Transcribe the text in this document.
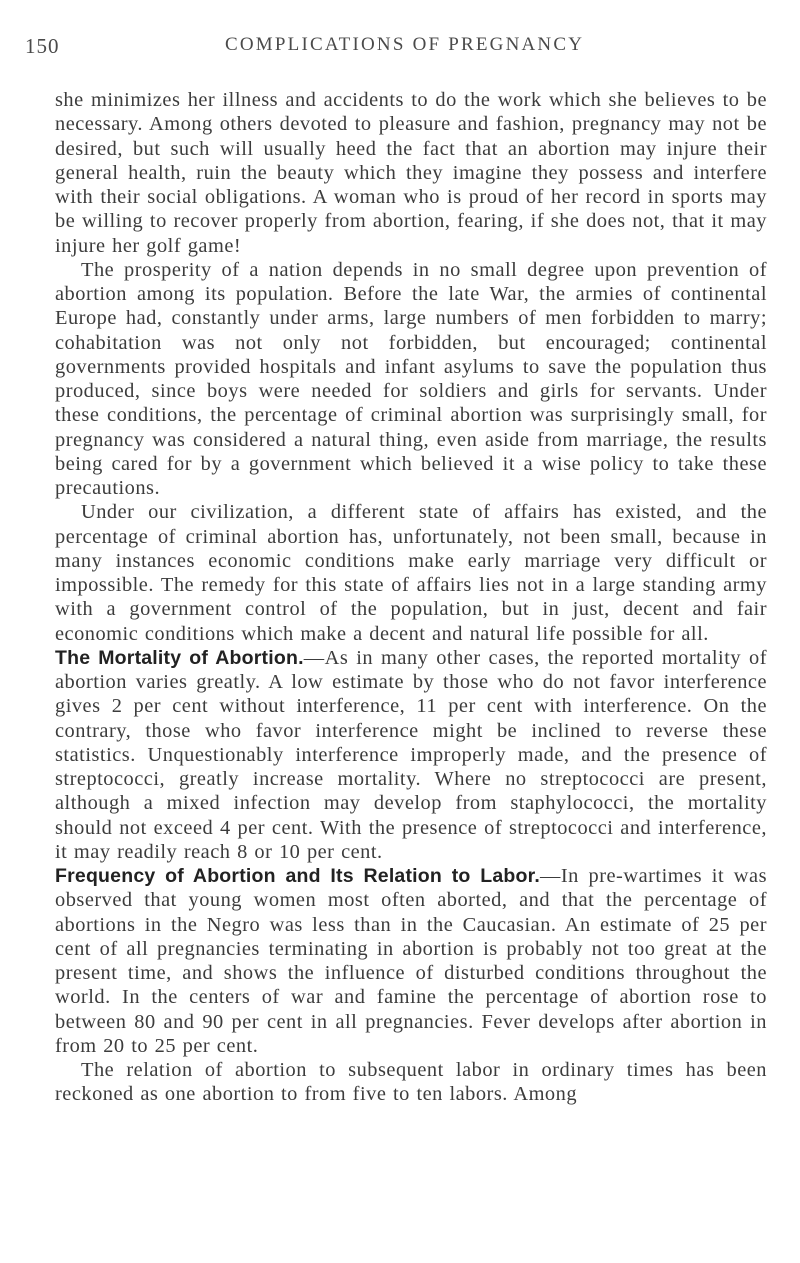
150	COMPLICATIONS OF PREGNANCY

she minimizes her illness and accidents to do the work which she believes to be necessary. Among others devoted to pleasure and fashion, pregnancy may not be desired, but such will usually heed the fact that an abortion may injure their general health, ruin the beauty which they imagine they possess and interfere with their social obligations. A woman who is proud of her record in sports may be willing to recover properly from abortion, fearing, if she does not, that it may injure her golf game!

The prosperity of a nation depends in no small degree upon prevention of abortion among its population. Before the late War, the armies of continental Europe had, constantly under arms, large numbers of men forbidden to marry; cohabitation was not only not forbidden, but encouraged; continental governments provided hospitals and infant asylums to save the population thus produced, since boys were needed for soldiers and girls for servants. Under these conditions, the percentage of criminal abortion was surprisingly small, for pregnancy was considered a natural thing, even aside from marriage, the results being cared for by a government which believed it a wise policy to take these precautions.

Under our civilization, a different state of affairs has existed, and the percentage of criminal abortion has, unfortunately, not been small, because in many instances economic conditions make early marriage very difficult or impossible. The remedy for this state of affairs lies not in a large standing army with a government control of the population, but in just, decent and fair economic conditions which make a decent and natural life possible for all.

The Mortality of Abortion.—As in many other cases, the reported mortality of abortion varies greatly. A low estimate by those who do not favor interference gives 2 per cent without interference, 11 per cent with interference. On the contrary, those who favor interference might be inclined to reverse these statistics. Unquestionably interference improperly made, and the presence of streptococci, greatly increase mortality. Where no streptococci are present, although a mixed infection may develop from staphylococci, the mortality should not exceed 4 per cent. With the presence of streptococci and interference, it may readily reach 8 or 10 per cent.

Frequency of Abortion and Its Relation to Labor.—In pre-wartimes it was observed that young women most often aborted, and that the percentage of abortions in the Negro was less than in the Caucasian. An estimate of 25 per cent of all pregnancies terminating in abortion is probably not too great at the present time, and shows the influence of disturbed conditions throughout the world. In the centers of war and famine the percentage of abortion rose to between 80 and 90 per cent in all pregnancies. Fever develops after abortion in from 20 to 25 per cent.

The relation of abortion to subsequent labor in ordinary times has been reckoned as one abortion to from five to ten labors. Among
